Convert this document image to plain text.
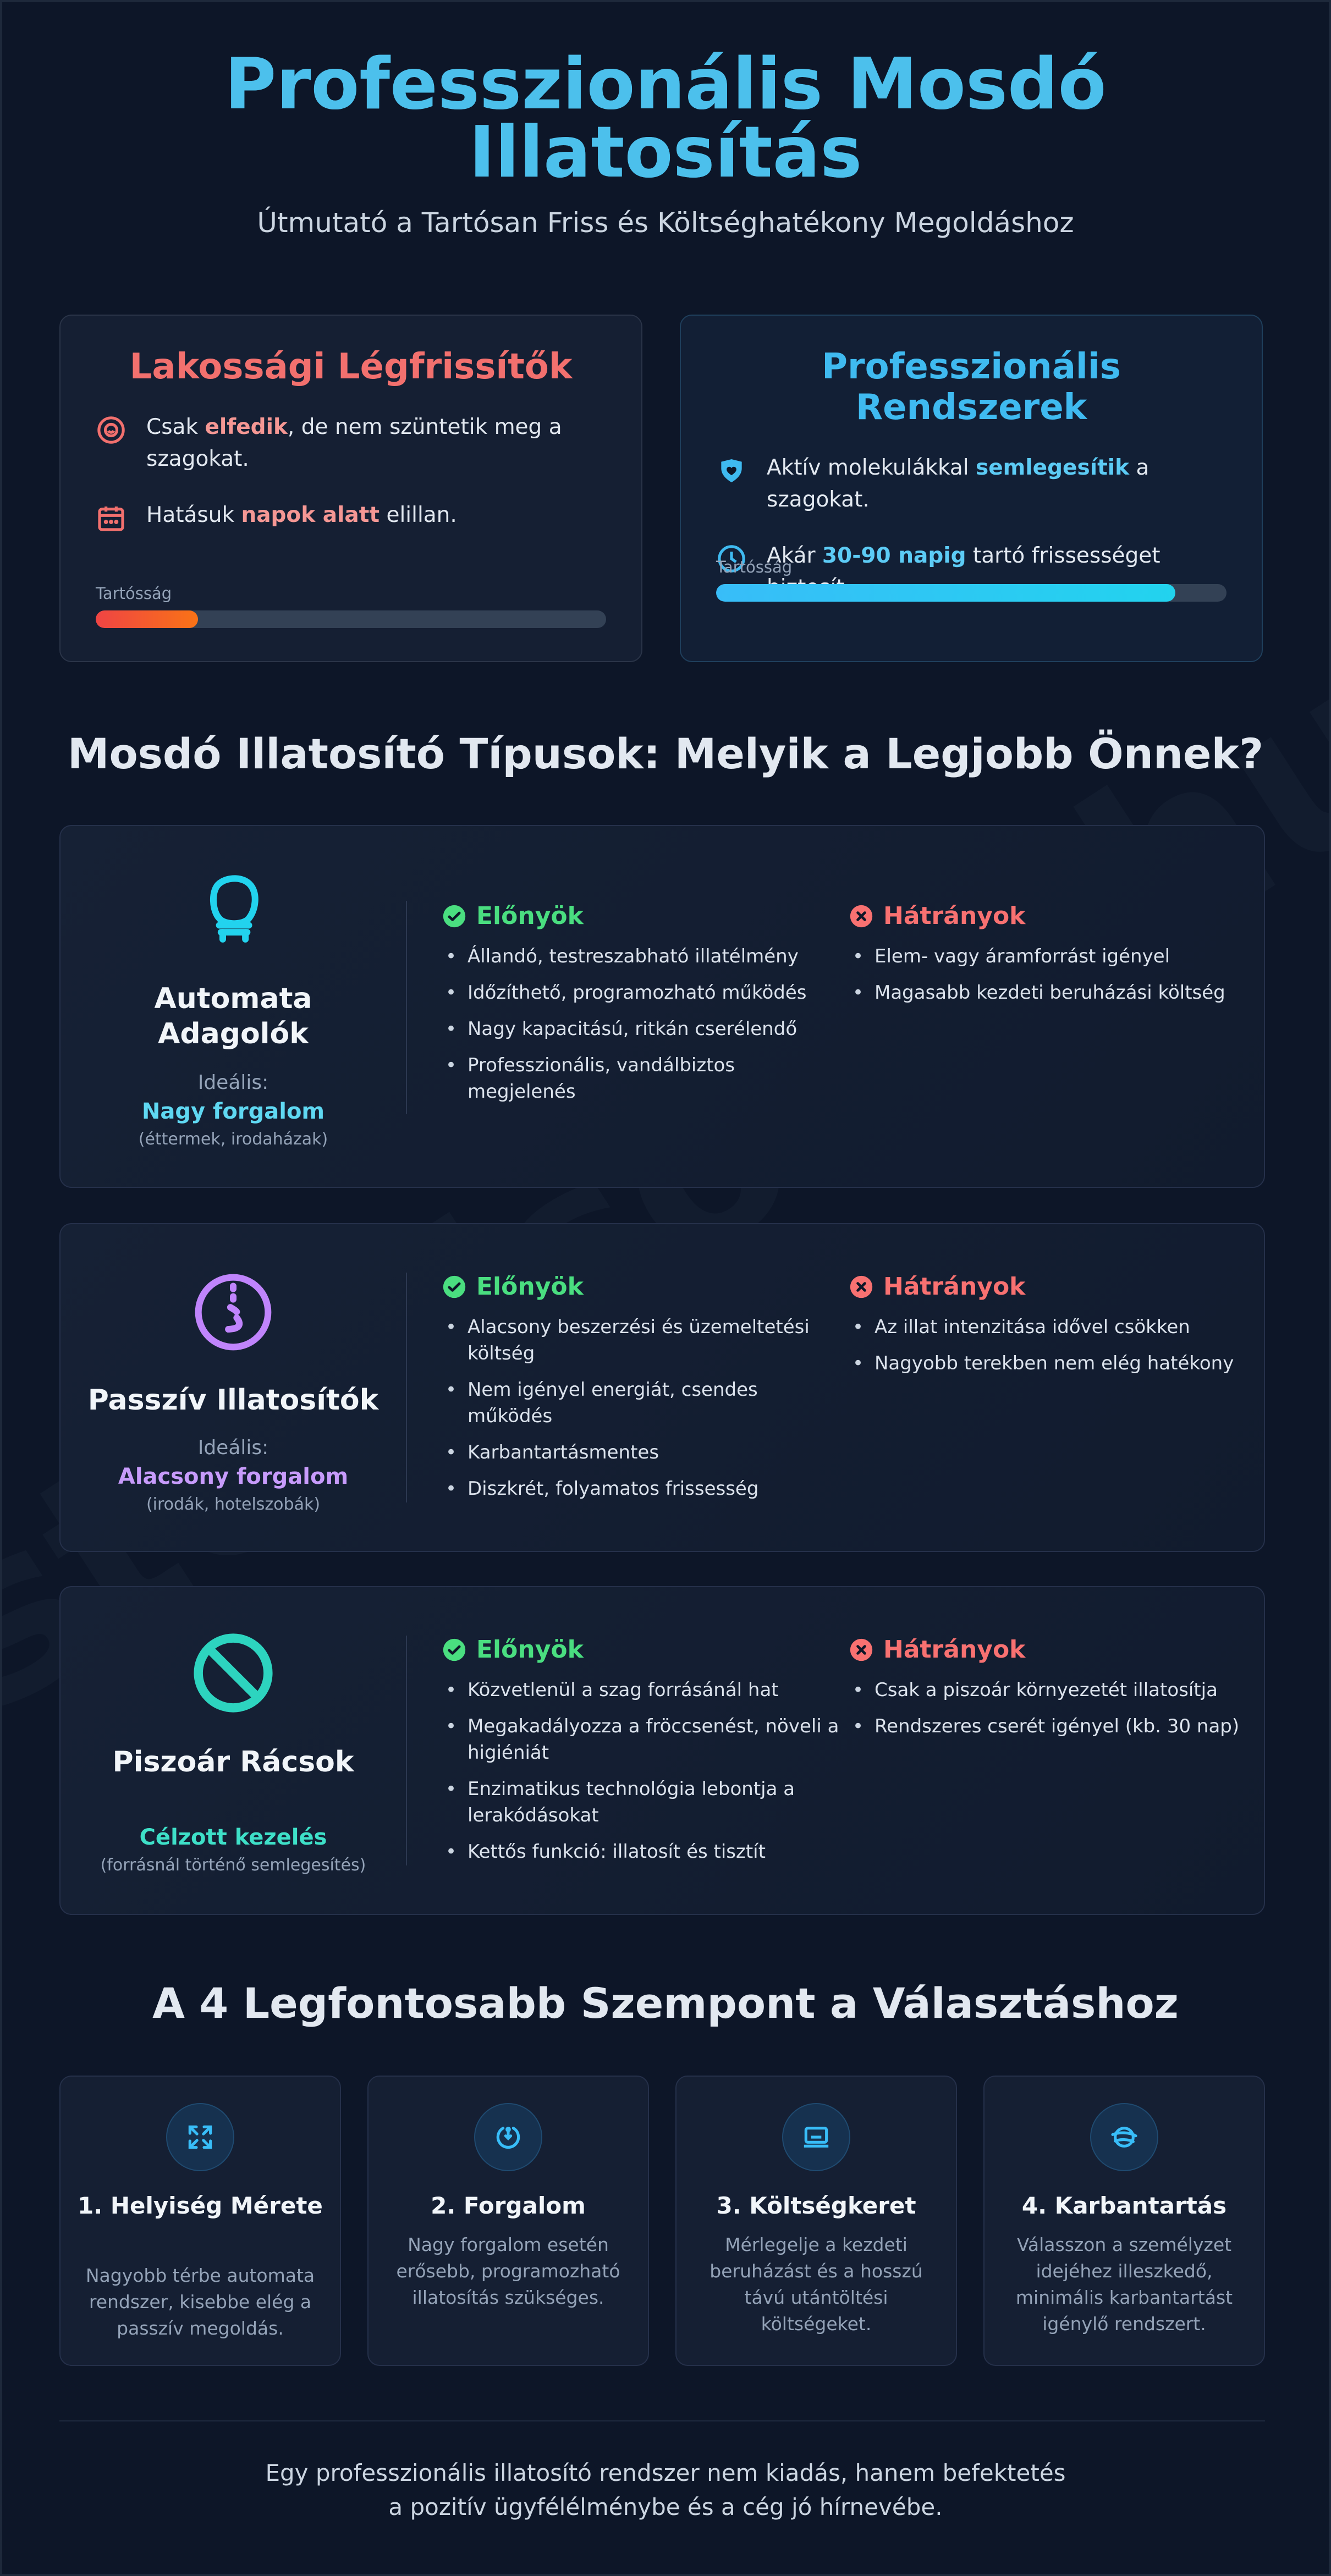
Professzionális Mosdó
Illatosítás
Útmutató a Tartósan Friss és Költséghatékony Megoldáshoz
Lakossági Légfrissítők
Csak elfedik, de nem szüntetik meg a szagokat.
Hatásuk napok alatt elillan.
Tartósság
Professzionális Rendszerek
Aktív molekulákkal semlegesítik a szagokat.
Akár 30-90 napig tartó frissességet
Tartósság
Mosdó Illatosító Típusok: Melyik a Legjobb Önnek?
Automata Adagolók
Ideális:
Nagy forgalom
(éttermek, irodaházak)
Előnyök
• Állandó, testreszabható illatélmény
• Időzíthető, programozható működés
• Nagy kapacitású, ritkán cserélendő
• Professzionális, vandálbiztos megjelenés
Hátrányok
• Elem- vagy áramforrást igényel
• Magasabb kezdeti beruházási költség
Passzív Illatosítók
Ideális:
Alacsony forgalom
(irodák, hotelszobák)
Előnyök
• Alacsony beszerzési és üzemeltetési költség
• Nem igényel energiát, csendes működés
• Karbantartásmentes
• Diszkrét, folyamatos frissesség
Hátrányok
• Az illat intenzitása idővel csökken
• Nagyobb terekben nem elég hatékony
Piszoár Rácsok
Célzott kezelés
(forrásnál történő semlegesítés)
Előnyök
• Közvetlenül a szag forrásánál hat
• Megakadályozza a fröccsenést, növeli a higiéniát
• Enzimatikus technológia lebontja a lerakódásokat
• Kettős funkció: illatosít és tisztít
Hátrányok
• Csak a piszoár környezetét illatosítja
• Rendszeres cserét igényel (kb. 30 nap)
A 4 Legfontosabb Szempont a Választáshoz
1. Helyiség Mérete

Nagyobb térbe automata rendszer, kisebbe elég a passzív megoldás.

2. Forgalom

Nagy forgalom esetén erősebb, programozható illatosítás szükséges.

3. Költségkeret

Mérlegelje a kezdeti beruházást és a hosszú távú utántöltési költségeket.

4. Karbantartás

Válasszon a személyzet idejéhez illeszkedő, minimális karbantartást igénylő rendszert.

Egy professzionális illatosító rendszer nem kiadás, hanem befektetés
a pozitív ügyfélélménybe és a cég jó hírnevébe.
